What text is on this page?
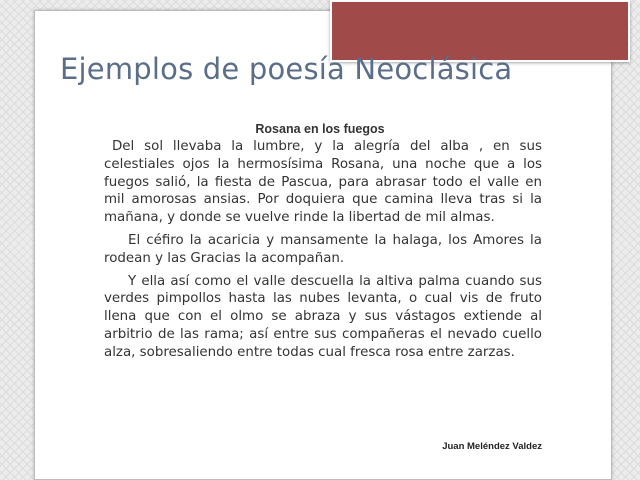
Ejemplos de poesía Neoclásica
Rosana en los fuegos

Del sol llevaba la lumbre, y la alegría del alba , en sus celestiales ojos la hermosísima Rosana, una noche que a los fuegos salió, la fiesta de Pascua, para abrasar todo el valle en mil amorosas ansias. Por doquiera que camina lleva tras si la mañana, y donde se vuelve rinde la libertad de mil almas.

El céfiro la acaricia y mansamente la halaga, los Amores la rodean y las Gracias la acompañan.

Y ella así como el valle descuella la altiva palma cuando sus verdes pimpollos hasta las nubes levanta, o cual vis de fruto llena que con el olmo se abraza y sus vástagos extiende al arbitrio de las rama; así entre sus compañeras el nevado cuello alza, sobresaliendo entre todas cual fresca rosa entre zarzas.

Juan Meléndez Valdez
